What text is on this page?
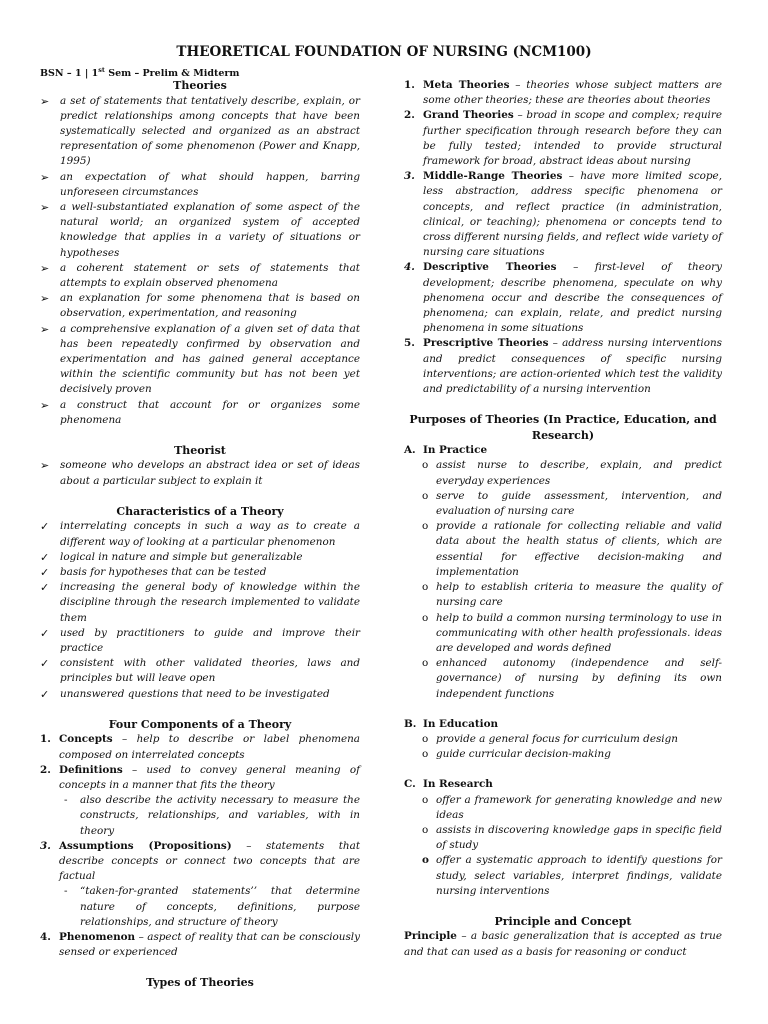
THEORETICAL FOUNDATION OF NURSING (NCM100)
BSN – 1 | 1st Sem – Prelim & Midterm

Theories

➢ a set of statements that tentatively describe, explain, or predict relationships among concepts that have been systematically selected and organized as an abstract representation of some phenomenon (Power and Knapp, 1995)
➢ an expectation of what should happen, barring unforeseen circumstances
➢ a well-substantiated explanation of some aspect of the natural world; an organized system of accepted knowledge that applies in a variety of situations or hypotheses
➢ a coherent statement or sets of statements that attempts to explain observed phenomena
➢ an explanation for some phenomena that is based on observation, experimentation, and reasoning
➢ a comprehensive explanation of a given set of data that has been repeatedly confirmed by observation and experimentation and has gained general acceptance within the scientific community but has not been yet decisively proven
➢ a construct that account for or organizes some phenomena

Theorist

➢ someone who develops an abstract idea or set of ideas about a particular subject to explain it

Characteristics of a Theory

✓ interrelating concepts in such a way as to create a different way of looking at a particular phenomenon
✓ logical in nature and simple but generalizable
✓ basis for hypotheses that can be tested
✓ increasing the general body of knowledge within the discipline through the research implemented to validate them
✓ used by practitioners to guide and improve their practice
✓ consistent with other validated theories, laws and principles but will leave open
✓ unanswered questions that need to be investigated

Four Components of a Theory

1. Concepts – help to describe or label phenomena composed on interrelated concepts
2. Definitions – used to convey general meaning of concepts in a manner that fits the theory
- also describe the activity necessary to measure the constructs, relationships, and variables, with in theory
3. Assumptions (Propositions) – statements that describe concepts or connect two concepts that are factual
- “taken-for-granted statements’’ that determine nature of concepts, definitions, purpose relationships, and structure of theory
4. Phenomenon – aspect of reality that can be consciously sensed or experienced

Types of Theories

1. Meta Theories – theories whose subject matters are some other theories; these are theories about theories
2. Grand Theories – broad in scope and complex; require further specification through research before they can be fully tested; intended to provide structural framework for broad, abstract ideas about nursing
3. Middle-Range Theories – have more limited scope, less abstraction, address specific phenomena or concepts, and reflect practice (in administration, clinical, or teaching); phenomena or concepts tend to cross different nursing fields, and reflect wide variety of nursing care situations
4. Descriptive Theories – first-level of theory development; describe phenomena, speculate on why phenomena occur and describe the consequences of phenomena; can explain, relate, and predict nursing phenomena in some situations
5. Prescriptive Theories – address nursing interventions and predict consequences of specific nursing interventions; are action-oriented which test the validity and predictability of a nursing intervention

Purposes of Theories (In Practice, Education, and Research)

A. In Practice
o assist nurse to describe, explain, and predict everyday experiences
o serve to guide assessment, intervention, and evaluation of nursing care
o provide a rationale for collecting reliable and valid data about the health status of clients, which are essential for effective decision-making and implementation
o help to establish criteria to measure the quality of nursing care
o help to build a common nursing terminology to use in communicating with other health professionals. ideas are developed and words defined
o enhanced autonomy (independence and self-governance) of nursing by defining its own independent functions
B. In Education
o provide a general focus for curriculum design
o guide curricular decision-making
C. In Research
o offer a framework for generating knowledge and new ideas
o assists in discovering knowledge gaps in specific field of study
o offer a systematic approach to identify questions for study, select variables, interpret findings, validate nursing interventions

Principle and Concept

Principle – a basic generalization that is accepted as true and that can used as a basis for reasoning or conduct
